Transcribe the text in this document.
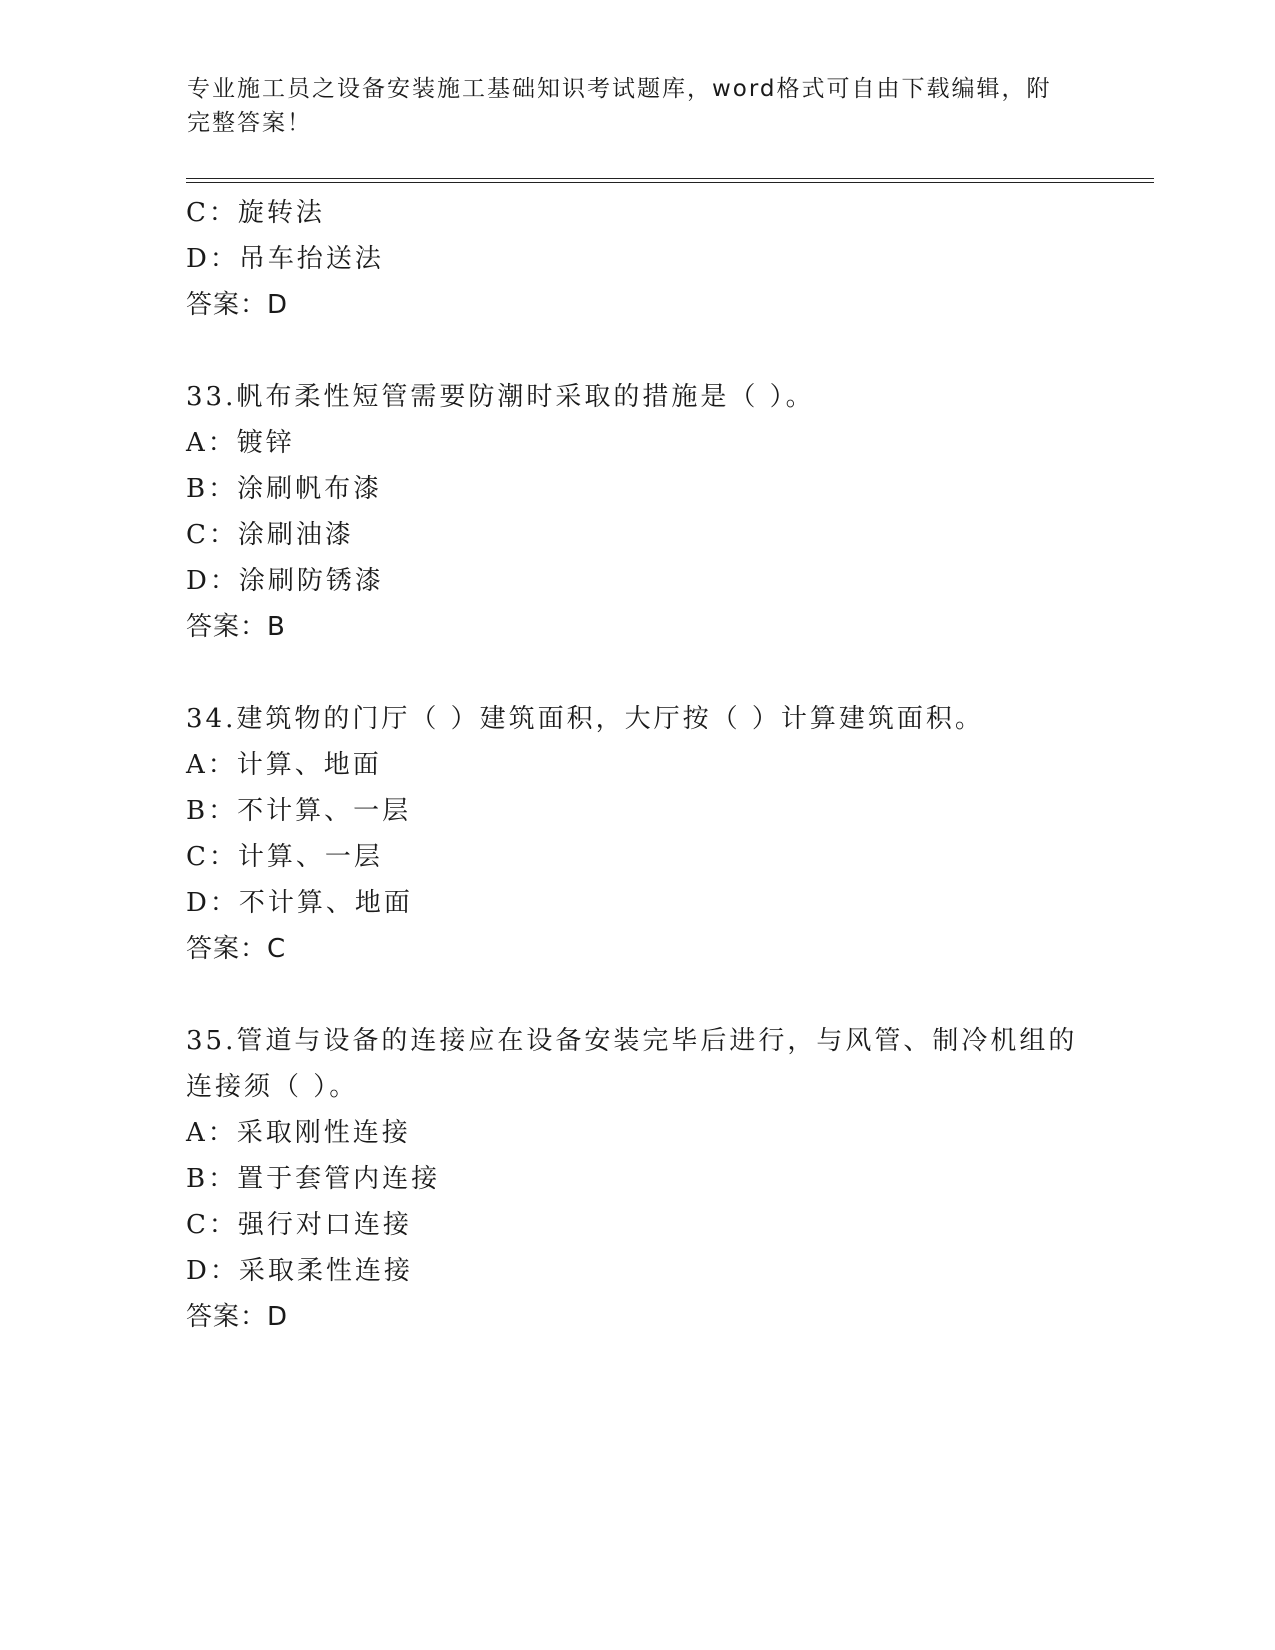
专业施工员之设备安装施工基础知识考试题库，word格式可自由下载编辑，附完整答案！
C：旋转法
D：吊车抬送法
答案：D
33.帆布柔性短管需要防潮时采取的措施是（ ）。
A：镀锌
B：涂刷帆布漆
C：涂刷油漆
D：涂刷防锈漆
答案：B
34.建筑物的门厅（ ）建筑面积，大厅按（ ）计算建筑面积。
A：计算、地面
B：不计算、一层
C：计算、一层
D：不计算、地面
答案：C
35.管道与设备的连接应在设备安装完毕后进行，与风管、制冷机组的连接须（ ）。
A：采取刚性连接
B：置于套管内连接
C：强行对口连接
D：采取柔性连接
答案：D
